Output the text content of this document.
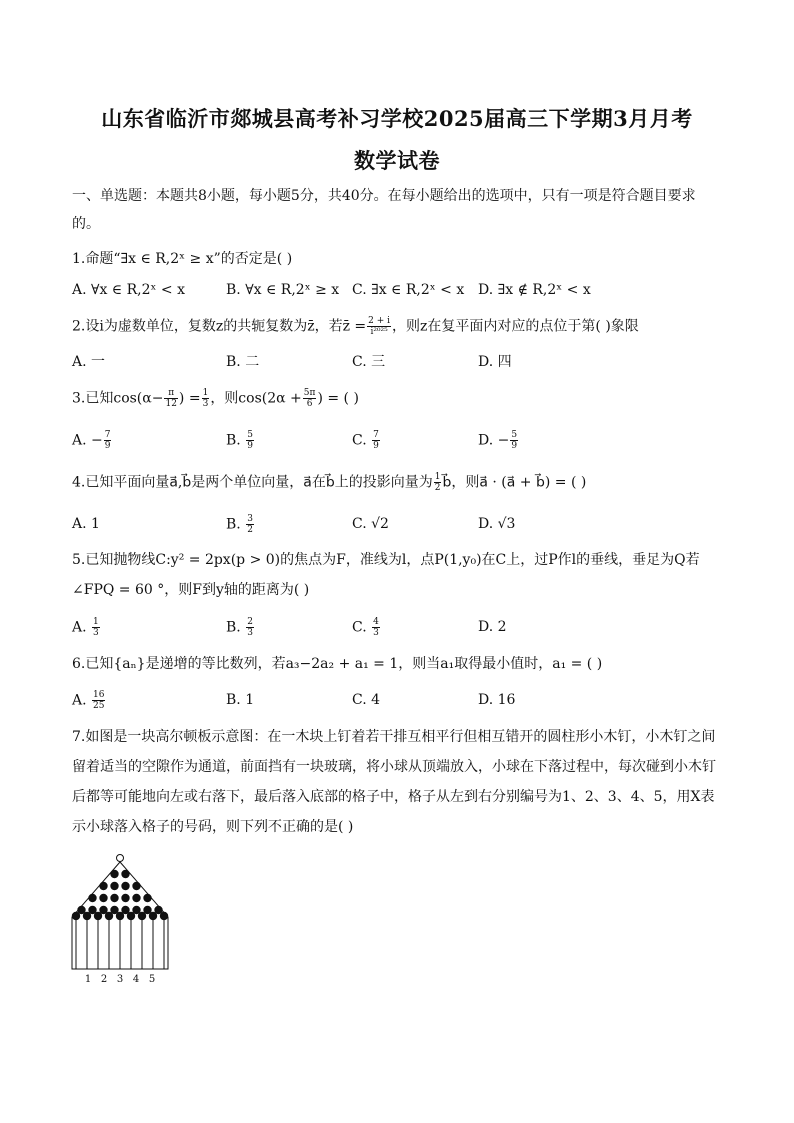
山东省临沂市郯城县高考补习学校2025届高三下学期3月月考
数学试卷
一、单选题：本题共8小题，每小题5分，共40分。在每小题给出的选项中，只有一项是符合题目要求
的。
1.命题“∃x ∈ R,2ˣ ≥ x”的否定是( )
A. ∀x ∈ R,2ˣ < x	B. ∀x ∈ R,2ˣ ≥ x C. ∃x ∈ R,2ˣ < x D. ∃x ∉ R,2ˣ < x
2.设i为虚数单位，复数z的共轭复数为z̄，若z̄ = $\frac{2 + i}{\text{i²⁰²⁵}}$ ，则z在复平面内对应的点位于第( )象限
A. 一	B. 二	C. 三	D. 四
3.已知$\cos(\alpha- \frac{\pi}{12}$ ) = $\frac{1}{3}$ ，则$\cos(2\alpha + \frac{5\pi}{6}$ ) = ( )
A. − $\frac{7}{9}$	B. $\frac{5}{9}$	C. $\frac{7}{9}$	D. − $\frac{5}{9}$
4.已知平面向量a⃗,b⃗是两个单位向量，a⃗在b⃗上的投影向量为 $\frac{1}{2}$ b⃗，则a⃗ · (a⃗ + b⃗) = ( )
A. 1	B. $\frac{3}{2}$	C. √2	D. √3
5.已知抛物线C:y² = 2px(p > 0)的焦点为F，准线为l，点P(1,y₀)在C上，过P作l的垂线，垂足为Q若
∠FPQ = 60 °，则F到y轴的距离为( )
A. $\frac{1}{3}$	B. $\frac{2}{3}$	C. $\frac{4}{3}$	D. 2
6.已知{aₙ}是递增的等比数列，若a₃−2a₂ + a₁ = 1，则当a₁取得最小值时，a₁ = ( )
A. $\frac{16}{25}$	B. 1	C. 4	D. 16
7.如图是一块高尔顿板示意图：在一木块上钉着若干排互相平行但相互错开的圆柱形小木钉，小木钉之间
留着适当的空隙作为通道，前面挡有一块玻璃，将小球从顶端放入，小球在下落过程中，每次碰到小木钉
后都等可能地向左或右落下，最后落入底部的格子中，格子从左到右分别编号为1、2、3、4、5，用X表
示小球落入格子的号码，则下列不正确的是( )
1 2 3 4 5
